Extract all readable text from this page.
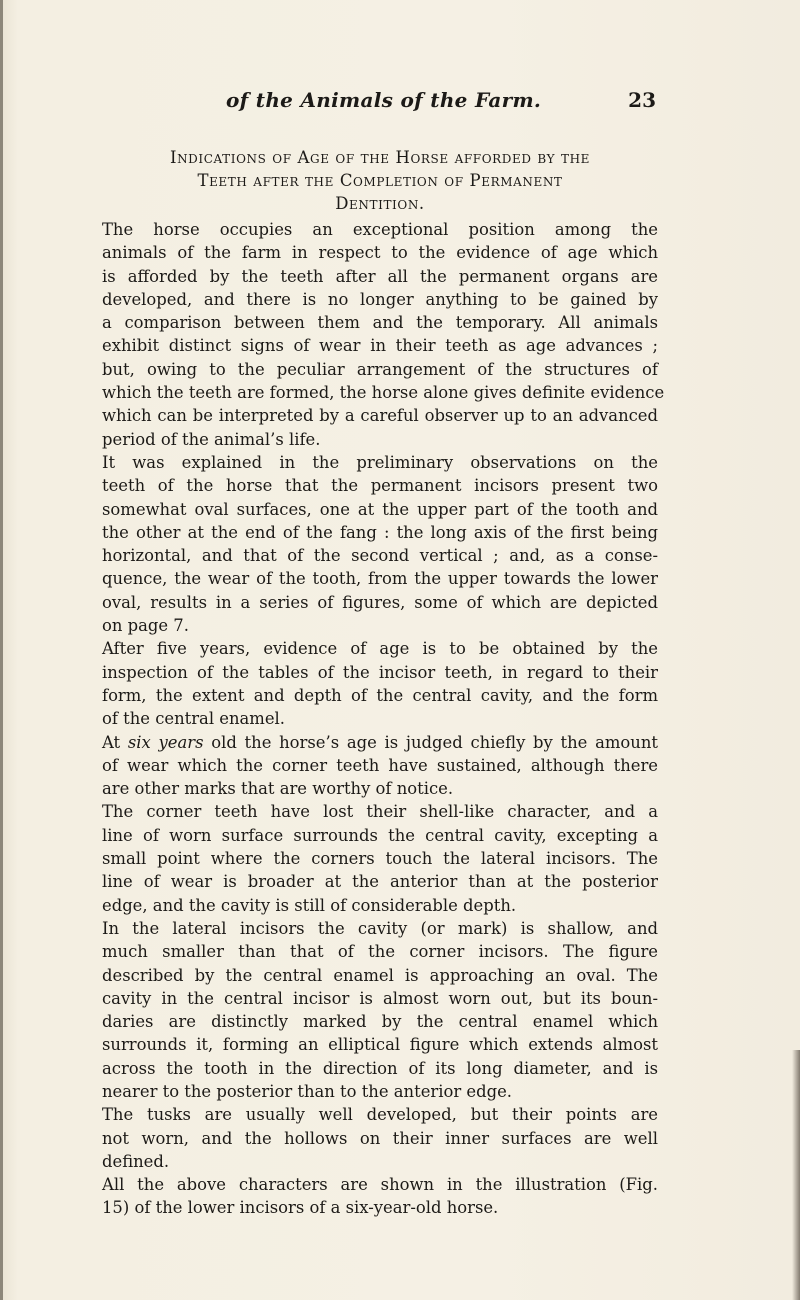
of the Animals of the Farm.	23
Indications of Age of the Horse afforded by the
Teeth after the Completion of Permanent
Dentition.
The horse occupies an exceptional position among the
animals of the farm in respect to the evidence of age which
is afforded by the teeth after all the permanent organs are
developed, and there is no longer anything to be gained by
a comparison between them and the temporary. All animals
exhibit distinct signs of wear in their teeth as age advances ;
but, owing to the peculiar arrangement of the structures of
which the teeth are formed, the horse alone gives definite evidence
which can be interpreted by a careful observer up to an advanced
period of the animal’s life.
It was explained in the preliminary observations on the
teeth of the horse that the permanent incisors present two
somewhat oval surfaces, one at the upper part of the tooth and
the other at the end of the fang : the long axis of the first being
horizontal, and that of the second vertical ; and, as a conse-
quence, the wear of the tooth, from the upper towards the lower
oval, results in a series of figures, some of which are depicted
on page 7.
After five years, evidence of age is to be obtained by the
inspection of the tables of the incisor teeth, in regard to their
form, the extent and depth of the central cavity, and the form
of the central enamel.
At six years old the horse’s age is judged chiefly by the amount
of wear which the corner teeth have sustained, although there
are other marks that are worthy of notice.
The corner teeth have lost their shell-like character, and a
line of worn surface surrounds the central cavity, excepting a
small point where the corners touch the lateral incisors. The
line of wear is broader at the anterior than at the posterior
edge, and the cavity is still of considerable depth.
In the lateral incisors the cavity (or mark) is shallow, and
much smaller than that of the corner incisors. The figure
described by the central enamel is approaching an oval. The
cavity in the central incisor is almost worn out, but its boun-
daries are distinctly marked by the central enamel which
surrounds it, forming an elliptical figure which extends almost
across the tooth in the direction of its long diameter, and is
nearer to the posterior than to the anterior edge.
The tusks are usually well developed, but their points are
not worn, and the hollows on their inner surfaces are well
defined.
All the above characters are shown in the illustration (Fig.
15) of the lower incisors of a six-year-old horse.
